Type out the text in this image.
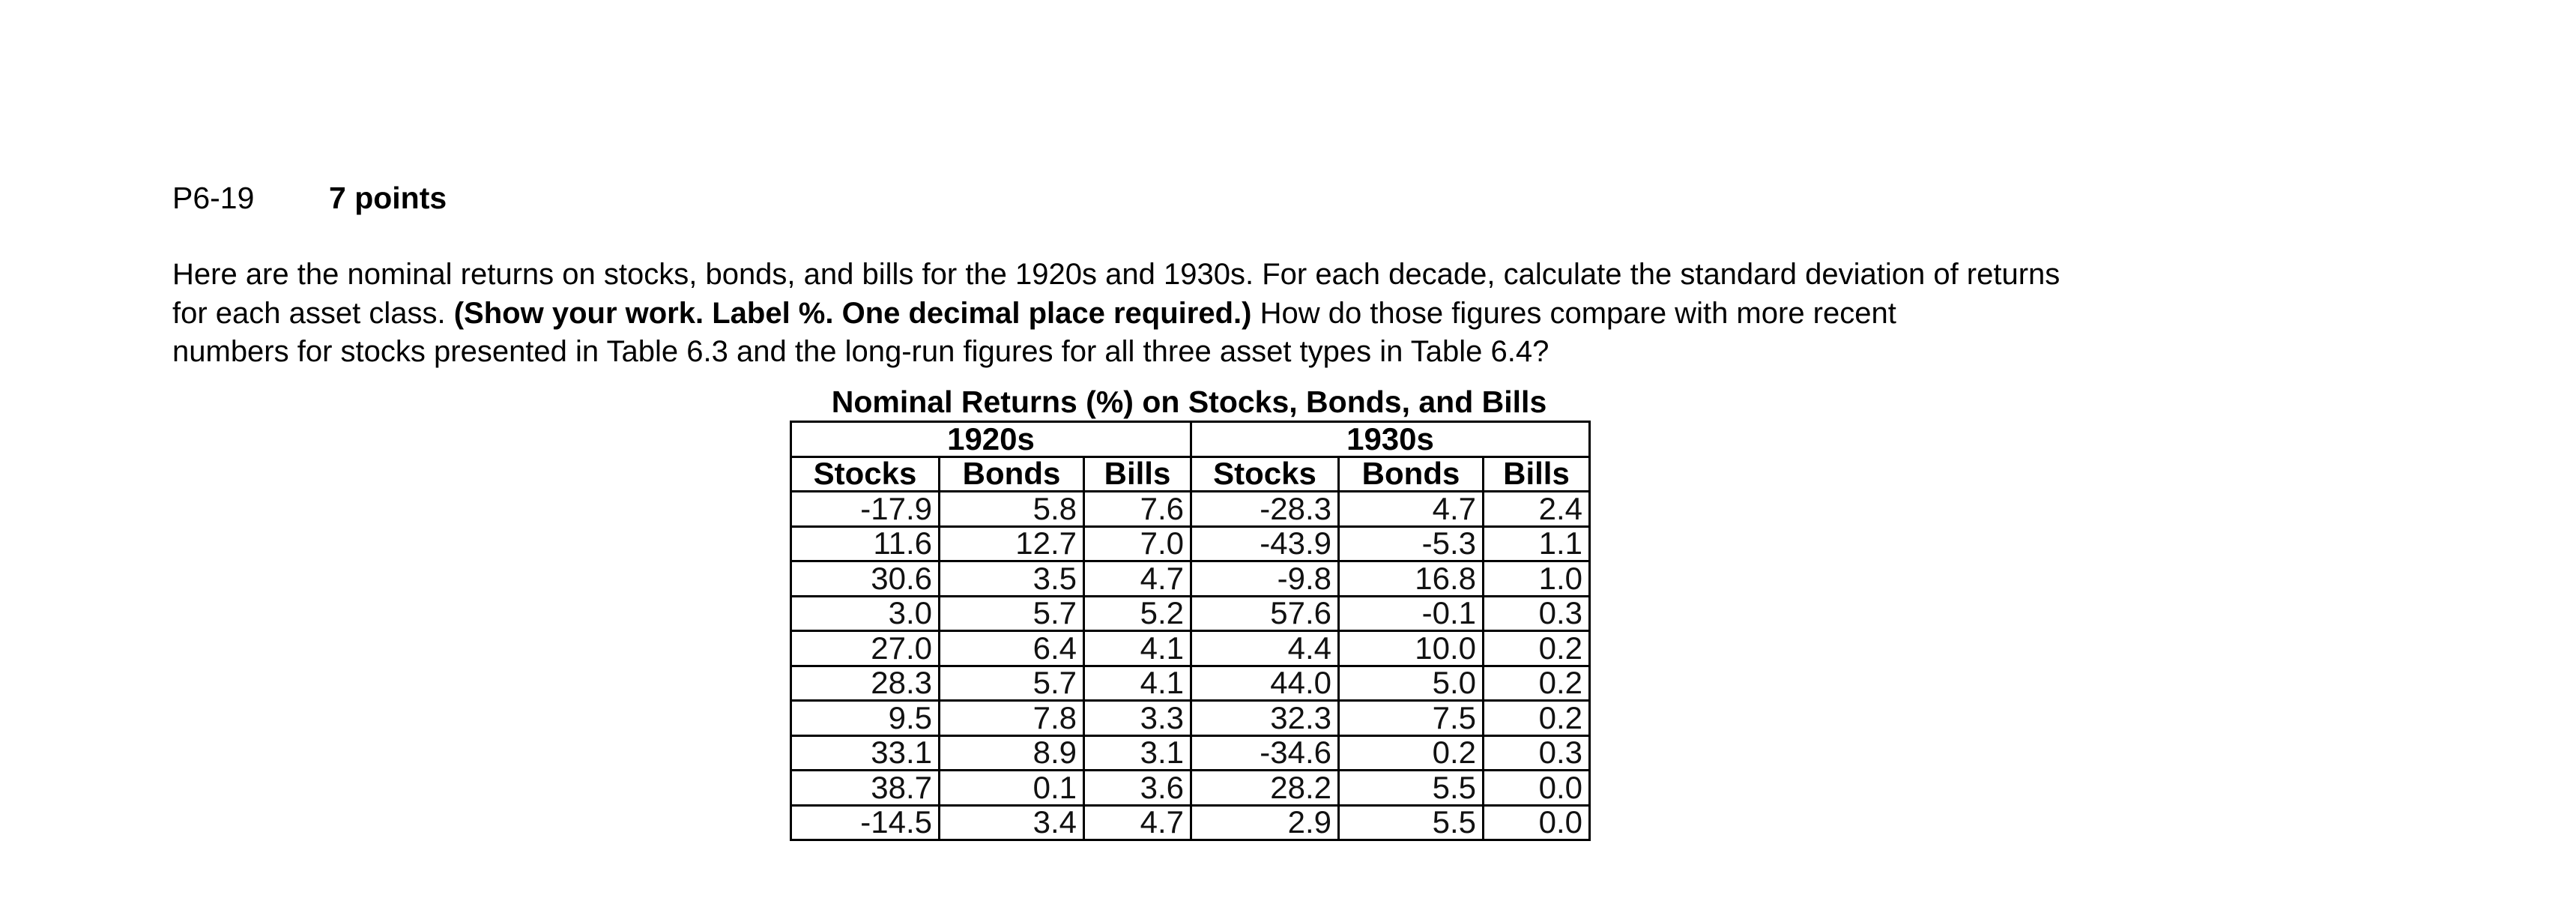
P6-19 7 points
Here are the nominal returns on stocks, bonds, and bills for the 1920s and 1930s. For each decade, calculate the standard deviation of returns
for each asset class. (Show your work. Label %. One decimal place required.) How do those figures compare with more recent
numbers for stocks presented in Table 6.3 and the long-run figures for all three asset types in Table 6.4?
Nominal Returns (%) on Stocks, Bonds, and Bills
1920s			1930s		
Stocks	Bonds	Bills	Stocks	Bonds	Bills
-17.9	5.8	7.6	-28.3	4.7	2.4
11.6	12.7	7.0	-43.9	-5.3	1.1
30.6	3.5	4.7	-9.8	16.8	1.0
3.0	5.7	5.2	57.6	-0.1	0.3
27.0	6.4	4.1	4.4	10.0	0.2
28.3	5.7	4.1	44.0	5.0	0.2
9.5	7.8	3.3	32.3	7.5	0.2
33.1	8.9	3.1	-34.6	0.2	0.3
38.7	0.1	3.6	28.2	5.5	0.0
-14.5	3.4	4.7	2.9	5.5	0.0
